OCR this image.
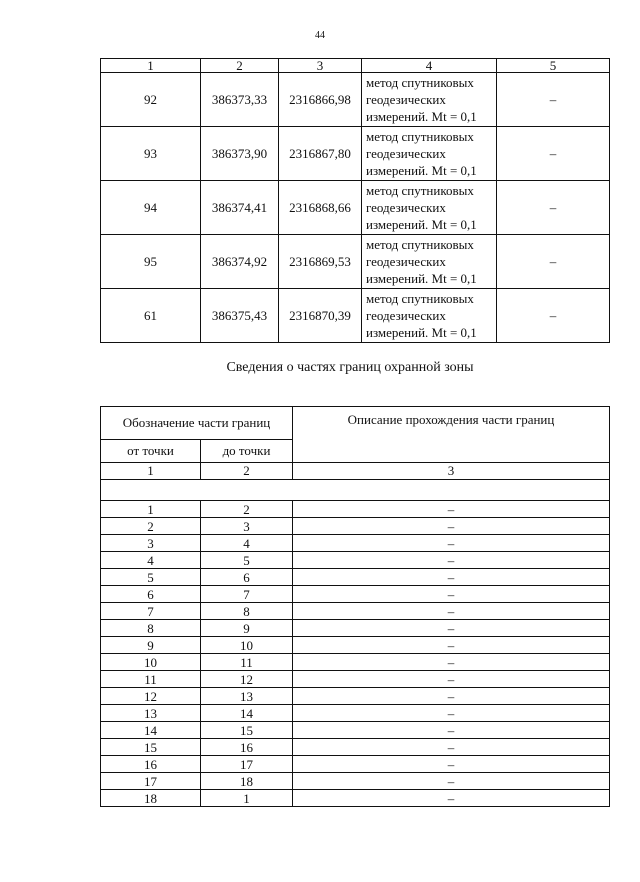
44
1	2	3	4	5
92	386373,33	2316866,98	метод спутниковых
геодезических
измерений. Mt = 0,1	–
93	386373,90	2316867,80	метод спутниковых
геодезических
измерений. Mt = 0,1	–
94	386374,41	2316868,66	метод спутниковых
геодезических
измерений. Mt = 0,1	–
95	386374,92	2316869,53	метод спутниковых
геодезических
измерений. Mt = 0,1	–
61	386375,43	2316870,39	метод спутниковых
геодезических
измерений. Mt = 0,1	–
Сведения о частях границ охранной зоны
Обозначение части границ		Описание прохождения части границ
от точки	до точки	
1	2	3

1	2	–
2	3	–
3	4	–
4	5	–
5	6	–
6	7	–
7	8	–
8	9	–
9	10	–
10	11	–
11	12	–
12	13	–
13	14	–
14	15	–
15	16	–
16	17	–
17	18	–
18	1	–
